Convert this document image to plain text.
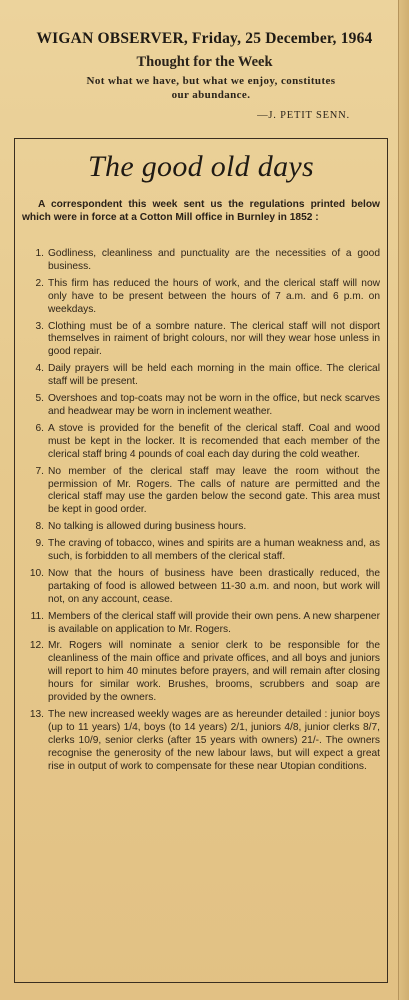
WIGAN OBSERVER, Friday, 25 December, 1964
Thought for the Week
Not what we have, but what we enjoy, constitutes our abundance.
—J. PETIT SENN.
The good old days
A correspondent this week sent us the regulations printed below which were in force at a Cotton Mill office in Burnley in 1852 :
1. Godliness, cleanliness and punctuality are the necessities of a good business.
2. This firm has reduced the hours of work, and the clerical staff will now only have to be present between the hours of 7 a.m. and 6 p.m. on weekdays.
3. Clothing must be of a sombre nature. The clerical staff will not disport themselves in raiment of bright colours, nor will they wear hose unless in good repair.
4. Daily prayers will be held each morning in the main office. The clerical staff will be present.
5. Overshoes and top-coats may not be worn in the office, but neck scarves and headwear may be worn in inclement weather.
6. A stove is provided for the benefit of the clerical staff. Coal and wood must be kept in the locker. It is recomended that each member of the clerical staff bring 4 pounds of coal each day during the cold weather.
7. No member of the clerical staff may leave the room without the permission of Mr. Rogers. The calls of nature are permitted and the clerical staff may use the garden below the second gate. This area must be kept in good order.
8. No talking is allowed during business hours.
9. The craving of tobacco, wines and spirits are a human weakness and, as such, is forbidden to all members of the clerical staff.
10. Now that the hours of business have been drastically reduced, the partaking of food is allowed between 11-30 a.m. and noon, but work will not, on any account, cease.
11. Members of the clerical staff will provide their own pens. A new sharpener is available on application to Mr. Rogers.
12. Mr. Rogers will nominate a senior clerk to be responsible for the cleanliness of the main office and private offices, and all boys and juniors will report to him 40 minutes before prayers, and will remain after closing hours for similar work. Brushes, brooms, scrubbers and soap are provided by the owners.
13. The new increased weekly wages are as hereunder detailed : junior boys (up to 11 years) 1/4, boys (to 14 years) 2/1, juniors 4/8, junior clerks 8/7, clerks 10/9, senior clerks (after 15 years with owners) 21/-. The owners recognise the generosity of the new labour laws, but will expect a great rise in output of work to compensate for these near Utopian conditions.
